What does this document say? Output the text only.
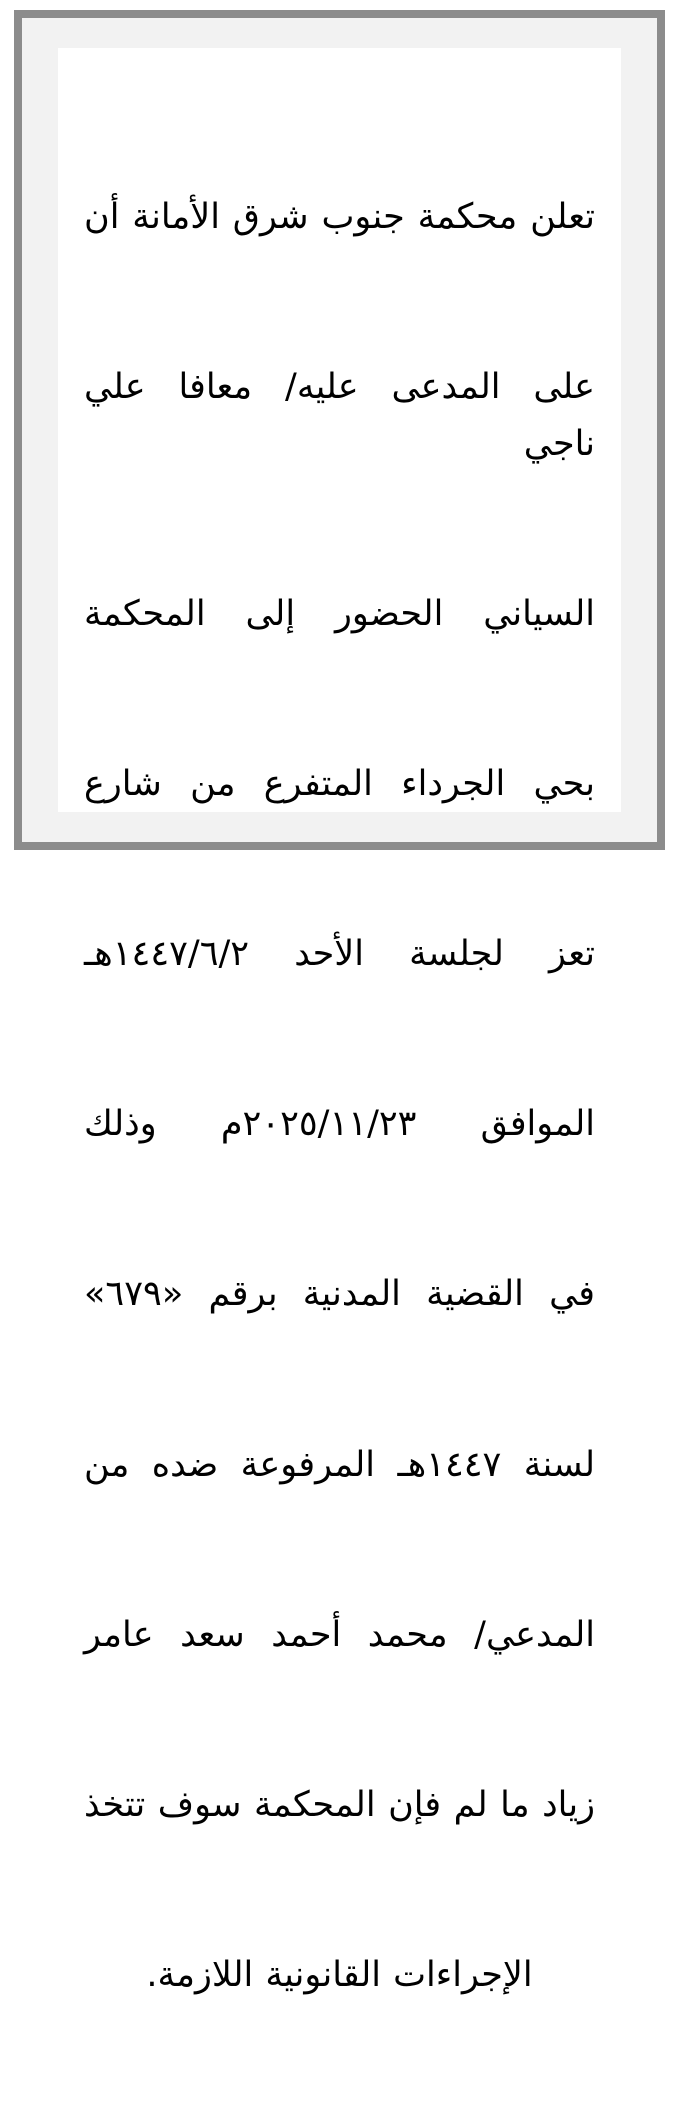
تعلن محكمة جنوب شرق الأمانة أن

على المدعى عليه/ معافا علي ناجي

السياني الحضور إلى المحكمة

بحي الجرداء المتفرع من شارع

تعز لجلسة الأحد ١٤٤٧/٦/٢هـ

الموافق ٢٠٢٥/١١/٢٣م وذلك

في القضية المدنية برقم «٦٧٩»

لسنة ١٤٤٧هـ المرفوعة ضده من

المدعي/ محمد أحمد سعد عامر

زياد ما لم فإن المحكمة سوف تتخذ

الإجراءات القانونية اللازمة.
